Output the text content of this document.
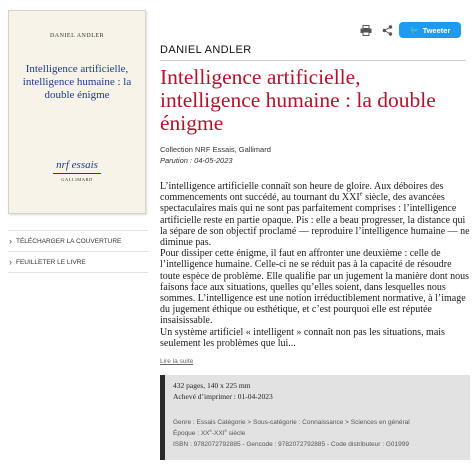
DANIEL ANDLER
Intelligence artificielle, intelligence humaine : la double énigme
nrf essais
GALLIMARD
› TÉLÉCHARGER LA COUVERTURE
› FEUILLETER LE LIVRE
🐦 Tweeter
DANIEL ANDLER
Intelligence artificielle, intelligence humaine : la double énigme
Collection NRF Essais, Gallimard
Parution : 04-05-2023

L’intelligence artificielle connaît son heure de gloire. Aux déboires des commencements ont succédé, au tournant du XXIe siècle, des avancées spectaculaires mais qui ne sont pas parfaitement comprises : l’intelligence artificielle reste en partie opaque. Pis : elle a beau progresser, la distance qui la sépare de son objectif proclamé — reproduire l’intelligence humaine — ne diminue pas.

Pour dissiper cette énigme, il faut en affronter une deuxième : celle de l’intelligence humaine. Celle-ci ne se réduit pas à la capacité de résoudre toute espèce de problème. Elle qualifie par un jugement la manière dont nous faisons face aux situations, quelles qu’elles soient, dans lesquelles nous sommes. L’intelligence est une notion irréductiblement normative, à l’image du jugement éthique ou esthétique, et c’est pourquoi elle est réputée insaisissable.

Un système artificiel « intelligent » connaît non pas les situations, mais seulement les problèmes que lui...

Lire la suite
432 pages, 140 x 225 mm
Achevé d’imprimer : 01-04-2023
Genre : Essais Catégorie > Sous-catégorie : Connaissance > Sciences en général
Époque : XXe-XXIe siècle
ISBN : 9782072792885 - Gencode : 9782072792885 - Code distributeur : G01999
